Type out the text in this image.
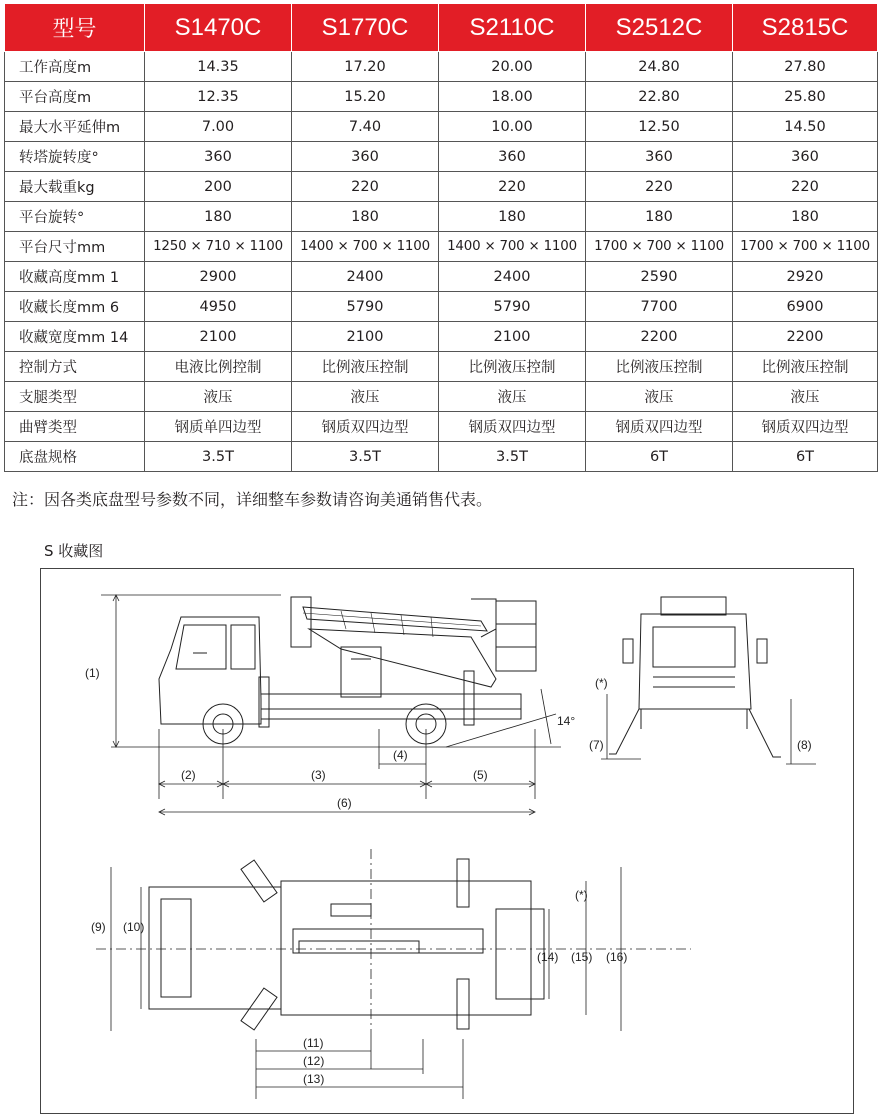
型号	S1470C	S1770C	S2110C	S2512C	S2815C
工作高度m	14.35	17.20	20.00	24.80	27.80
平台高度m	12.35	15.20	18.00	22.80	25.80
最大水平延伸m	7.00	7.40	10.00	12.50	14.50
转塔旋转度°	360	360	360	360	360
最大载重kg	200	220	220	220	220
平台旋转°	180	180	180	180	180
平台尺寸mm	1250 × 710 × 1100	1400 × 700 × 1100	1400 × 700 × 1100	1700 × 700 × 1100	1700 × 700 × 1100
收藏高度mm 1	2900	2400	2400	2590	2920
收藏长度mm 6	4950	5790	5790	7700	6900
收藏宽度mm 14	2100	2100	2100	2200	2200
控制方式	电液比例控制	比例液压控制	比例液压控制	比例液压控制	比例液压控制
支腿类型	液压	液压	液压	液压	液压
曲臂类型	钢质单四边型	钢质双四边型	钢质双四边型	钢质双四边型	钢质双四边型
底盘规格	3.5T	3.5T	3.5T	6T	6T
注：因各类底盘型号参数不同，详细整车参数请咨询美通销售代表。
S 收藏图
(1)
(2)	(3)
(4)
(5)
(6)
14°
(*)
(7)	(8)
(9) (10)
(11)
(12)
(13)
(14) (15) (16)
(*)
